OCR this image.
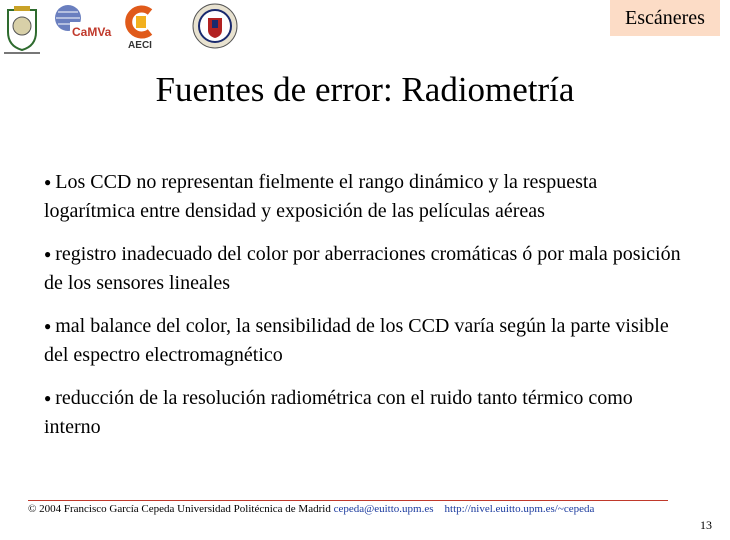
CaMVa
AECI
Escáneres
Fuentes de error: Radiometría
● Los CCD no representan fielmente el rango dinámico y la respuesta logarítmica entre densidad y exposición de las películas aéreas
● registro inadecuado del color por aberraciones cromáticas ó por mala posición de los sensores lineales
● mal balance del color, la sensibilidad de los CCD varía según la parte visible del espectro electromagnético
● reducción de la resolución radiométrica con el ruido tanto térmico como interno
© 2004 Francisco García Cepeda Universidad Politécnica de Madrid cepeda@euitto.upm.es http://nivel.euitto.upm.es/~cepeda
13
